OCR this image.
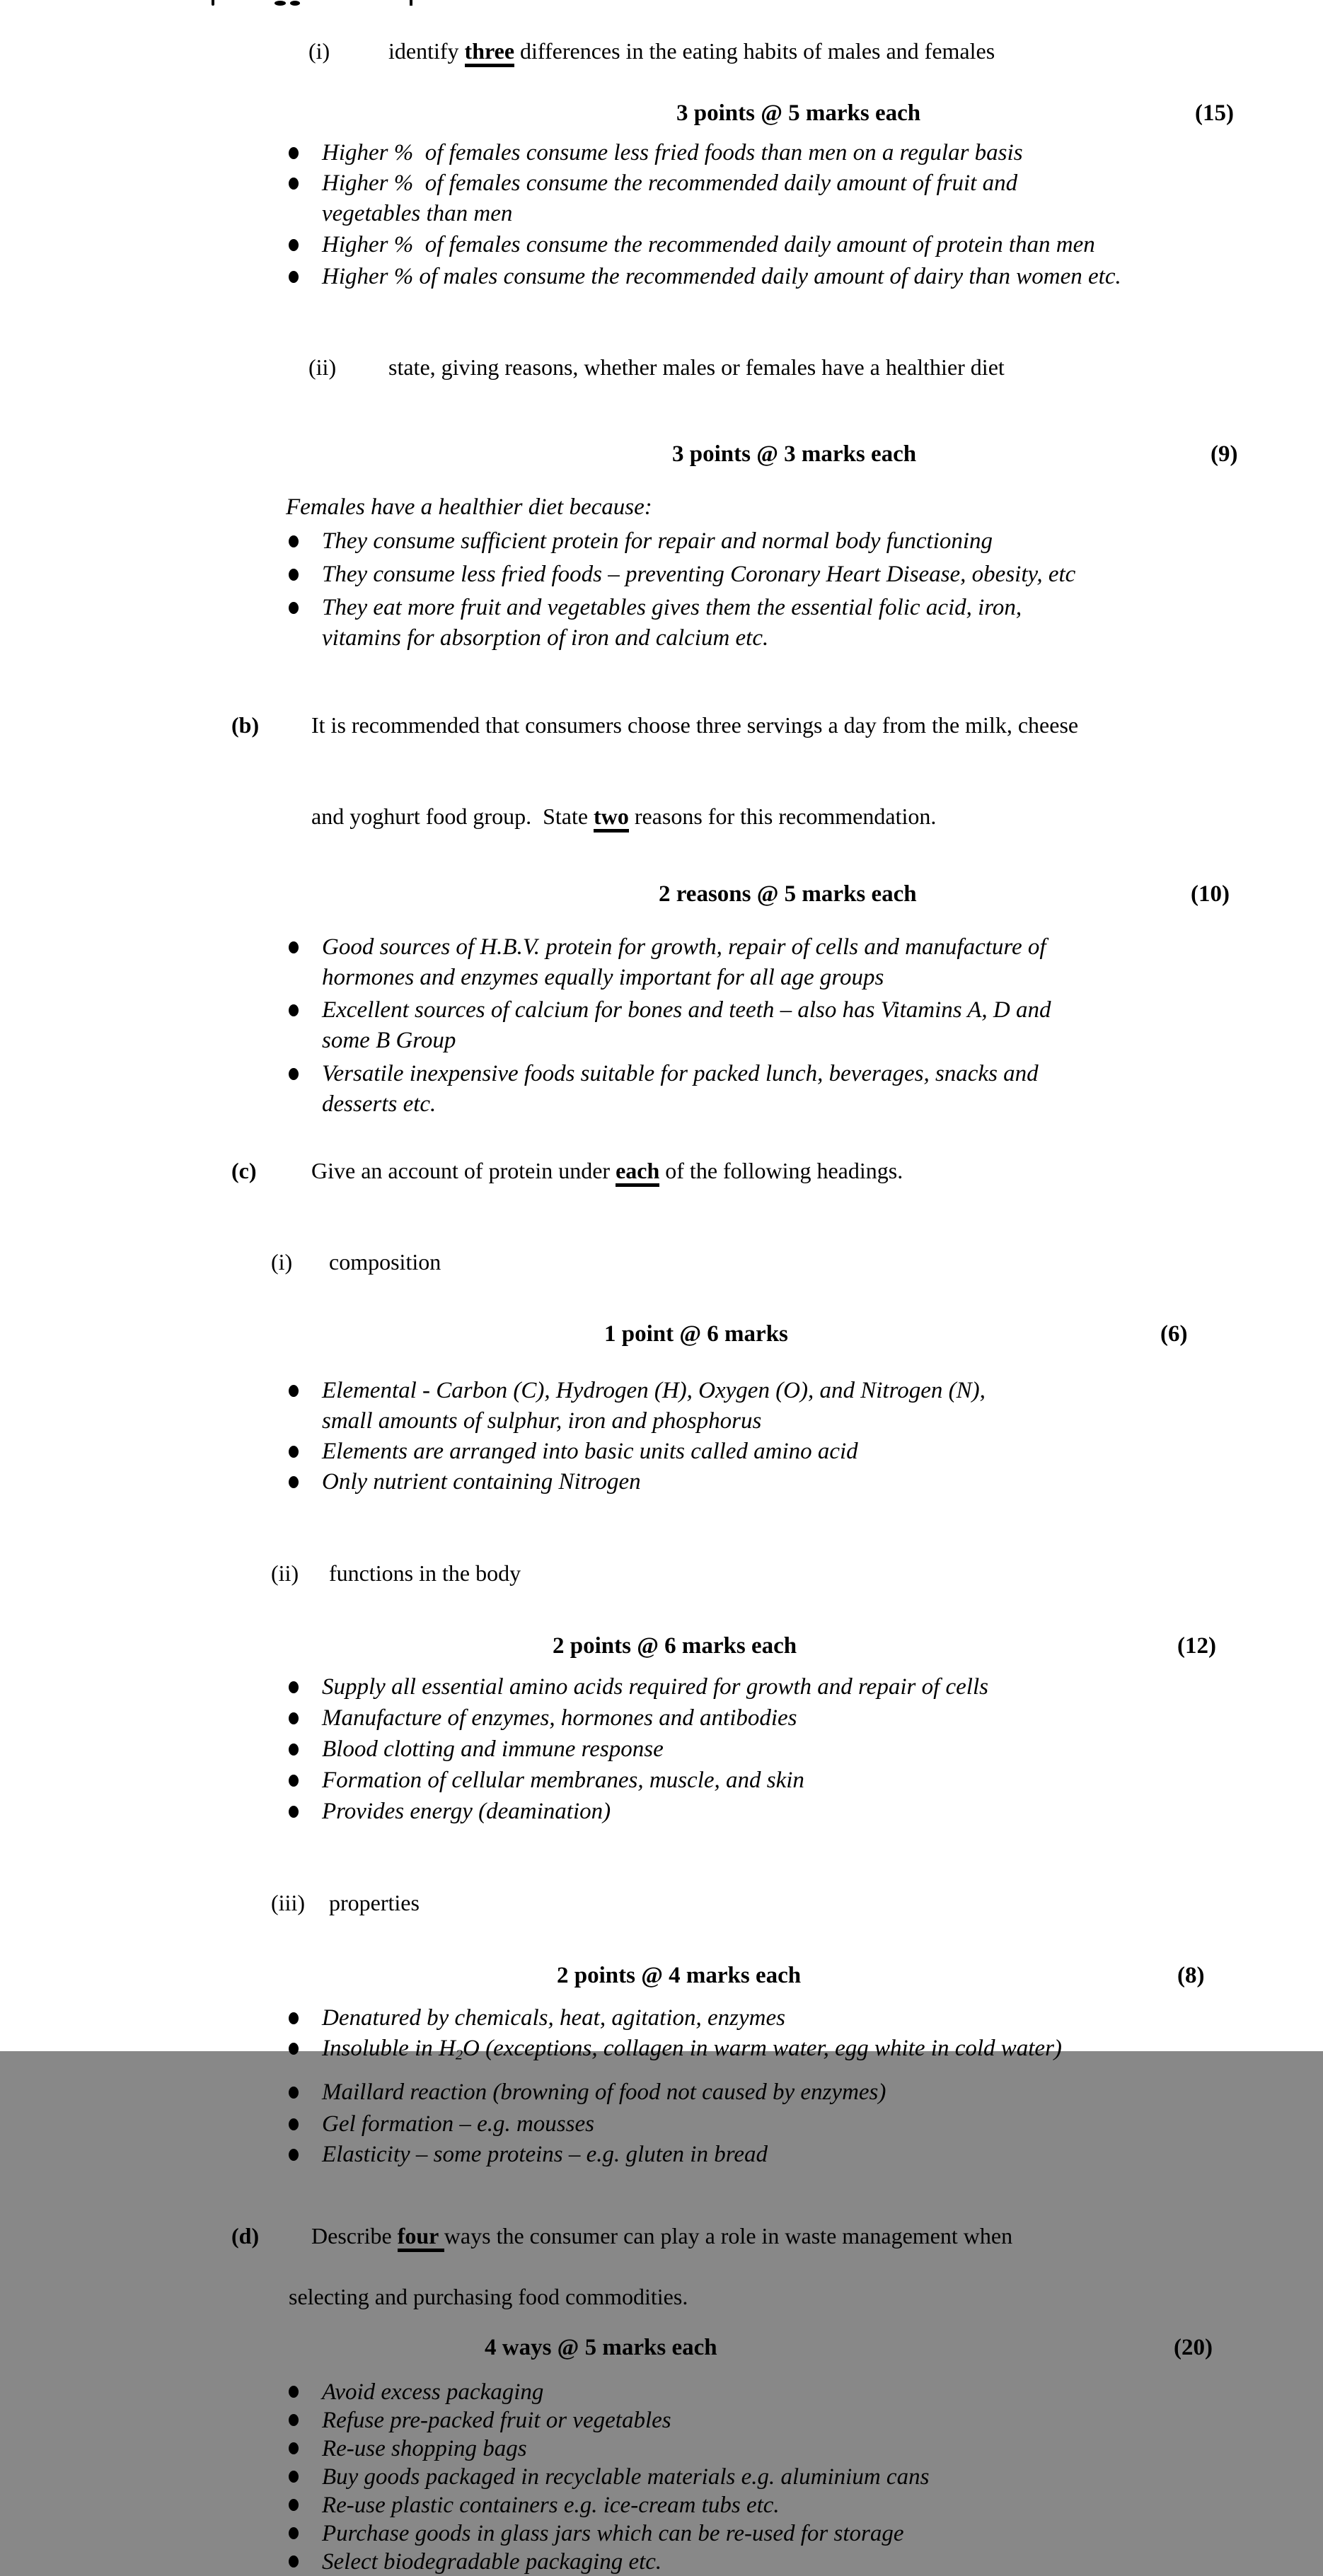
(i)	identify three differences in the eating habits of males and females

3 points @ 5 marks each	(15)
Higher %  of females consume less fried foods than men on a regular basis
Higher %  of females consume the recommended daily amount of fruit and
vegetables than men
Higher %  of females consume the recommended daily amount of protein than men
Higher % of males consume the recommended daily amount of dairy than women etc.

(ii) state, giving reasons, whether males or females have a healthier diet

3 points @ 3 marks each	(9)
Females have a healthier diet because:
They consume sufficient protein for repair and normal body functioning
They consume less fried foods – preventing Coronary Heart Disease, obesity, etc
They eat more fruit and vegetables gives them the essential folic acid, iron,
vitamins for absorption of iron and calcium etc.

(b) It is recommended that consumers choose three servings a day from the milk, cheese

and yoghurt food group.  State two reasons for this recommendation.

2 reasons @ 5 marks each	(10)
Good sources of H.B.V. protein for growth, repair of cells and manufacture of
hormones and enzymes equally important for all age groups
Excellent sources of calcium for bones and teeth – also has Vitamins A, D and
some B Group
Versatile inexpensive foods suitable for packed lunch, beverages, snacks and
desserts etc.

(c) Give an account of protein under each of the following headings.

(i) composition

1 point @ 6 marks	(6)
Elemental - Carbon (C), Hydrogen (H), Oxygen (O), and Nitrogen (N),
small amounts of sulphur, iron and phosphorus
Elements are arranged into basic units called amino acid
Only nutrient containing Nitrogen

(ii) functions in the body

2 points @ 6 marks each	(12)
Supply all essential amino acids required for growth and repair of cells
Manufacture of enzymes, hormones and antibodies
Blood clotting and immune response
Formation of cellular membranes, muscle, and skin
Provides energy (deamination)

(iii) properties

2 points @ 4 marks each	(8)
Denatured by chemicals, heat, agitation, enzymes
Insoluble in $H_2O$ (exceptions, collagen in warm water, egg white in cold water)
Maillard reaction (browning of food not caused by enzymes)
Gel formation – e.g. mousses
Elasticity – some proteins – e.g. gluten in bread

(d) Describe four ways the consumer can play a role in waste management when

selecting and purchasing food commodities.
4 ways @ 5 marks each	(20)
Avoid excess packaging
Refuse pre-packed fruit or vegetables
Re-use shopping bags
Buy goods packaged in recyclable materials e.g. aluminium cans
Re-use plastic containers e.g. ice-cream tubs etc.
Purchase goods in glass jars which can be re-used for storage
Select biodegradable packaging etc.
